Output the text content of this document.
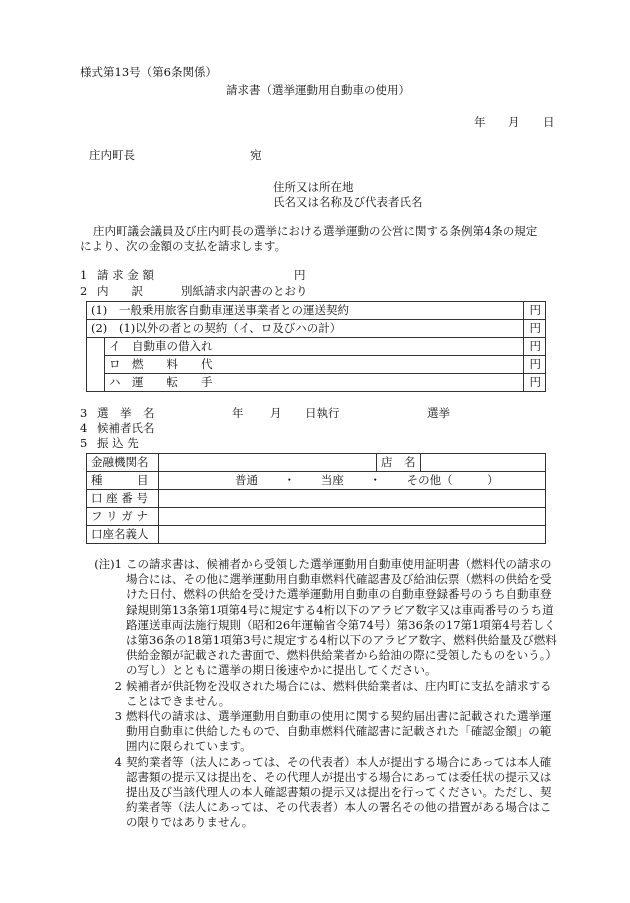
様式第13号（第6条関係）
請求書（選挙運動用自動車の使用）
年 月 日
庄内町長	宛
住所又は所在地
氏名又は名称及び代表者氏名
庄内町議会議員及び庄内町長の選挙における選挙運動の公営に関する条例第4条の規定
により、次の金額の支払を請求します。
1 請 求 金 額	円
2 内　　訳	別紙請求内訳書のとおり
(1) 一般乗用旅客自動車運送事業者との運送契約		円
(2) (1)以外の者との契約（イ、ロ及びハの計）		円
	イ　自動車の借入れ	円
	ロ　燃　　料　　代	円
	ハ　運　　転　　手	円
3 選　挙　名	年 月 日執行	選挙
4 候補者氏名
5 振 込 先
金融機関名		店　名	
種　　　目	普通 ・ 当座 ・ その他（　　　）		
口 座 番 号			
フ リ ガ ナ			
口座名義人			
(注)1 この請求書は、候補者から受領した選挙運動用自動車使用証明書（燃料代の請求の場合には、その他に選挙運動用自動車燃料代確認書及び給油伝票（燃料の供給を受けた日付、燃料の供給を受けた選挙運動用自動車の自動車登録番号のうち自動車登録規則第13条第1項第4号に規定する4桁以下のアラビア数字又は車両番号のうち道路運送車両法施行規則（昭和26年運輸省令第74号）第36条の17第1項第4号若しくは第36条の18第1項第3号に規定する4桁以下のアラビア数字、燃料供給量及び燃料供給金額が記載された書面で、燃料供給業者から給油の際に受領したものをいう。）の写し）とともに選挙の期日後速やかに提出してください。
2 候補者が供託物を没収された場合には、燃料供給業者は、庄内町に支払を請求することはできません。
3 燃料代の請求は、選挙運動用自動車の使用に関する契約届出書に記載された選挙運動用自動車に供給したもので、自動車燃料代確認書に記載された「確認金額」の範囲内に限られています。
4 契約業者等（法人にあっては、その代表者）本人が提出する場合にあっては本人確認書類の提示又は提出を、その代理人が提出する場合にあっては委任状の提示又は提出及び当該代理人の本人確認書類の提示又は提出を行ってください。ただし、契約業者等（法人にあっては、その代表者）本人の署名その他の措置がある場合はこの限りではありません。
